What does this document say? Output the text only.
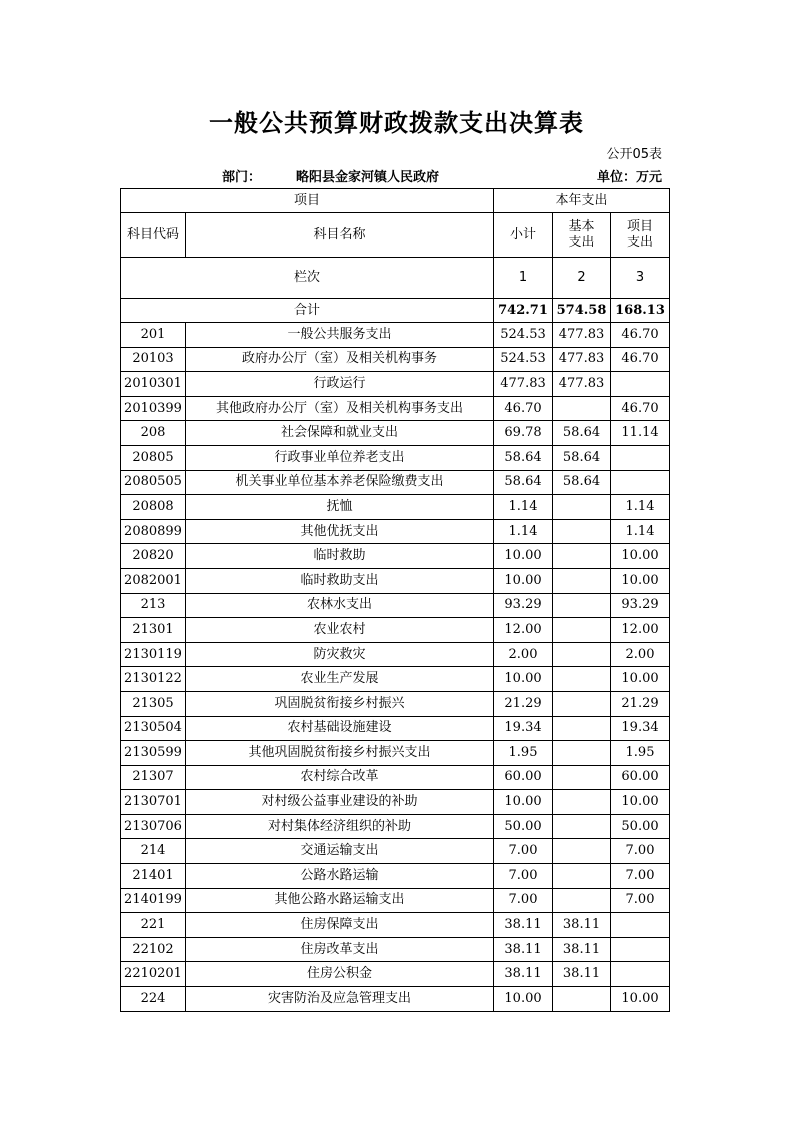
一般公共预算财政拨款支出决算表
公开05表
部门：	略阳县金家河镇人民政府	单位：万元
项目		本年支出		
科目代码	科目名称	小计	基本支出	项目支出
栏次		1	2	3
合计		742.71	574.58	168.13
201	一般公共服务支出	524.53	477.83	46.70
20103	政府办公厅（室）及相关机构事务	524.53	477.83	46.70
2010301	行政运行	477.83	477.83	
2010399	其他政府办公厅（室）及相关机构事务支出	46.70		46.70
208	社会保障和就业支出	69.78	58.64	11.14
20805	行政事业单位养老支出	58.64	58.64	
2080505	机关事业单位基本养老保险缴费支出	58.64	58.64	
20808	抚恤	1.14		1.14
2080899	其他优抚支出	1.14		1.14
20820	临时救助	10.00		10.00
2082001	临时救助支出	10.00		10.00
213	农林水支出	93.29		93.29
21301	农业农村	12.00		12.00
2130119	防灾救灾	2.00		2.00
2130122	农业生产发展	10.00		10.00
21305	巩固脱贫衔接乡村振兴	21.29		21.29
2130504	农村基础设施建设	19.34		19.34
2130599	其他巩固脱贫衔接乡村振兴支出	1.95		1.95
21307	农村综合改革	60.00		60.00
2130701	对村级公益事业建设的补助	10.00		10.00
2130706	对村集体经济组织的补助	50.00		50.00
214	交通运输支出	7.00		7.00
21401	公路水路运输	7.00		7.00
2140199	其他公路水路运输支出	7.00		7.00
221	住房保障支出	38.11	38.11	
22102	住房改革支出	38.11	38.11	
2210201	住房公积金	38.11	38.11	
224	灾害防治及应急管理支出	10.00		10.00
